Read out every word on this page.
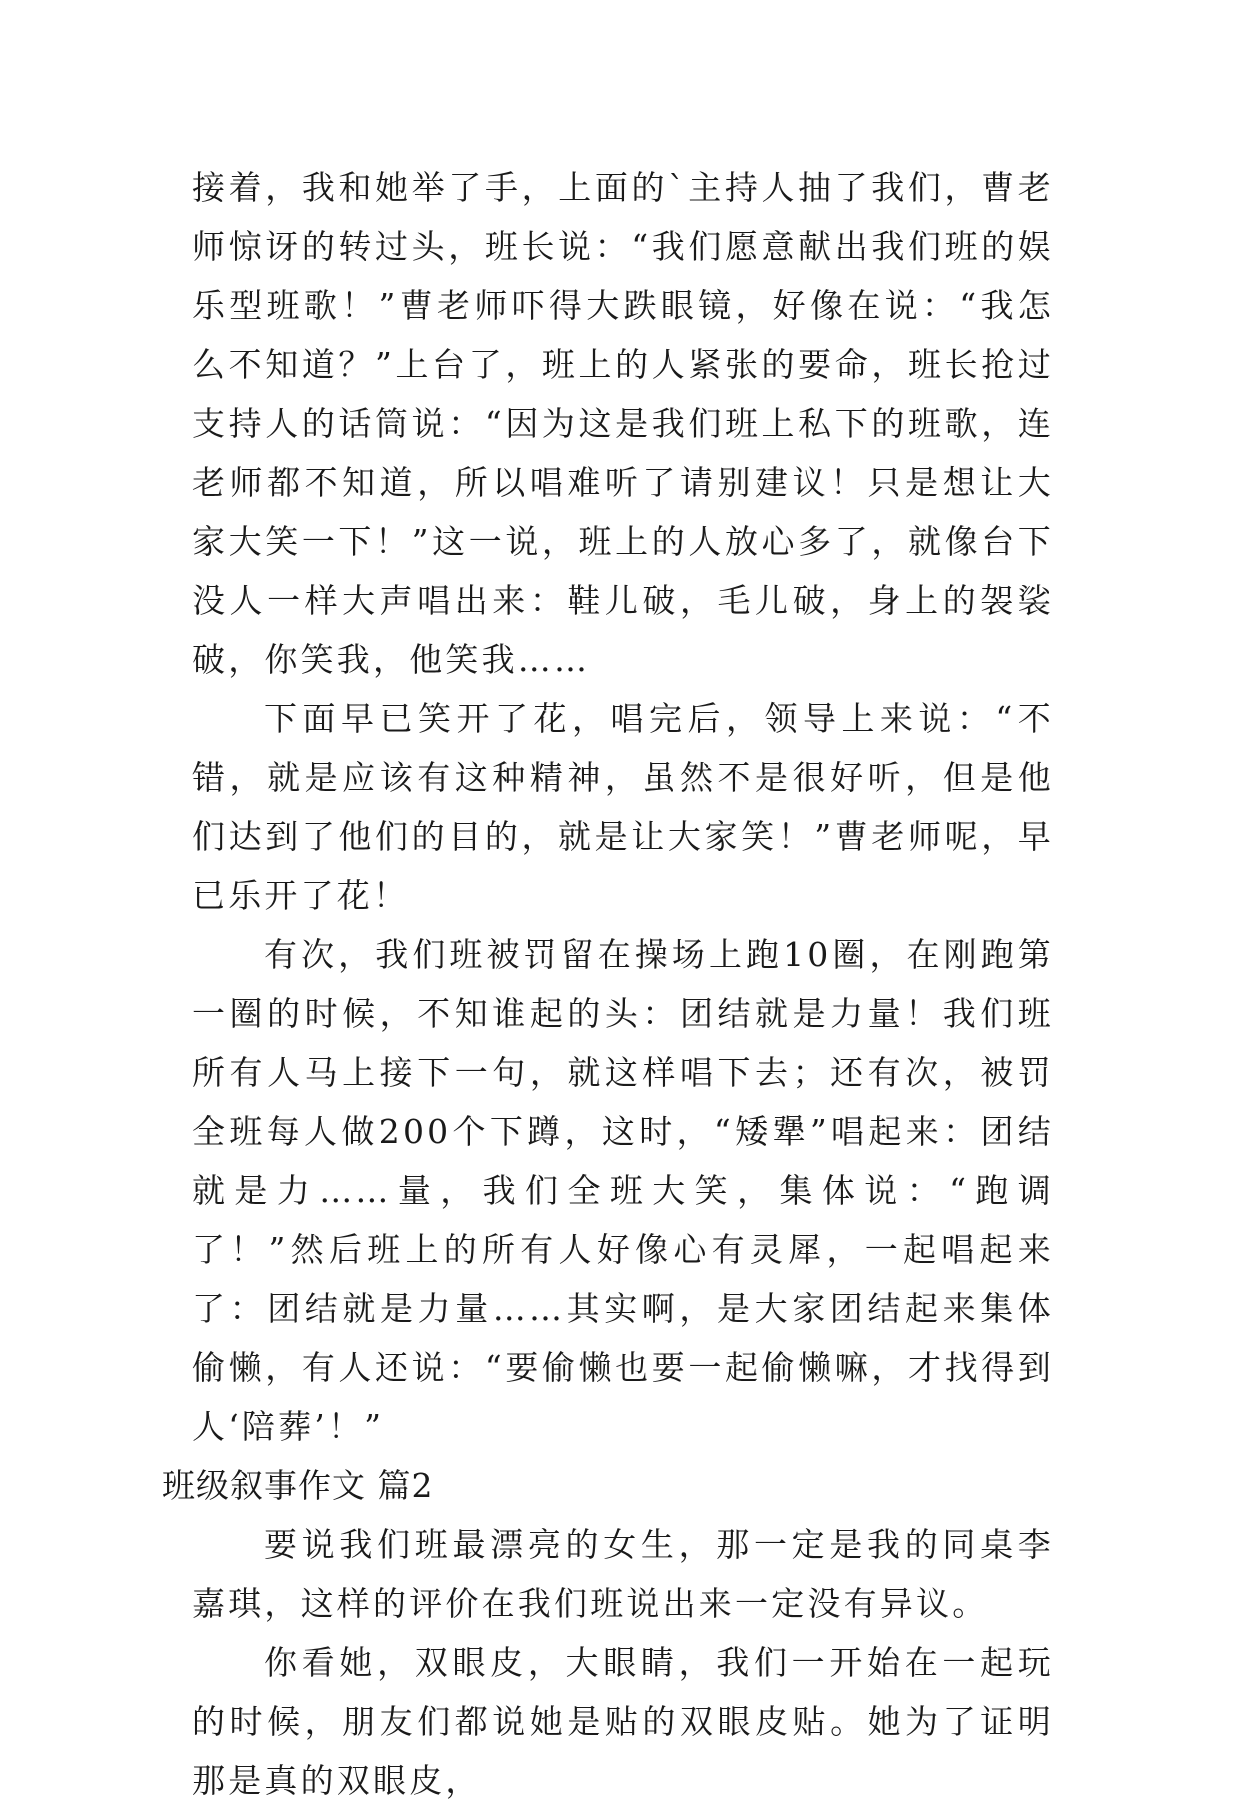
接着，我和她举了手，上面的`主持人抽了我们，曹老师惊讶的转过头，班长说：“我们愿意献出我们班的娱乐型班歌！”曹老师吓得大跌眼镜，好像在说：“我怎么不知道？”上台了，班上的人紧张的要命，班长抢过支持人的话筒说：“因为这是我们班上私下的班歌，连老师都不知道，所以唱难听了请别建议！只是想让大家大笑一下！”这一说，班上的人放心多了，就像台下没人一样大声唱出来：鞋儿破，毛儿破，身上的袈裟破，你笑我，他笑我……

下面早已笑开了花，唱完后，领导上来说：“不错，就是应该有这种精神，虽然不是很好听，但是他们达到了他们的目的，就是让大家笑！”曹老师呢，早已乐开了花！

有次，我们班被罚留在操场上跑10圈，在刚跑第一圈的时候，不知谁起的头：团结就是力量！我们班所有人马上接下一句，就这样唱下去；还有次，被罚全班每人做200个下蹲，这时，“矮犟”唱起来：团结就是力……量，我们全班大笑，集体说：“跑调了！”然后班上的所有人好像心有灵犀，一起唱起来了：团结就是力量……其实啊，是大家团结起来集体偷懒，有人还说：“要偷懒也要一起偷懒嘛，才找得到人‘陪葬’！”

班级叙事作文 篇2

要说我们班最漂亮的女生，那一定是我的同桌李嘉琪，这样的评价在我们班说出来一定没有异议。

你看她，双眼皮，大眼睛，我们一开始在一起玩的时候，朋友们都说她是贴的双眼皮贴。她为了证明那是真的双眼皮，
